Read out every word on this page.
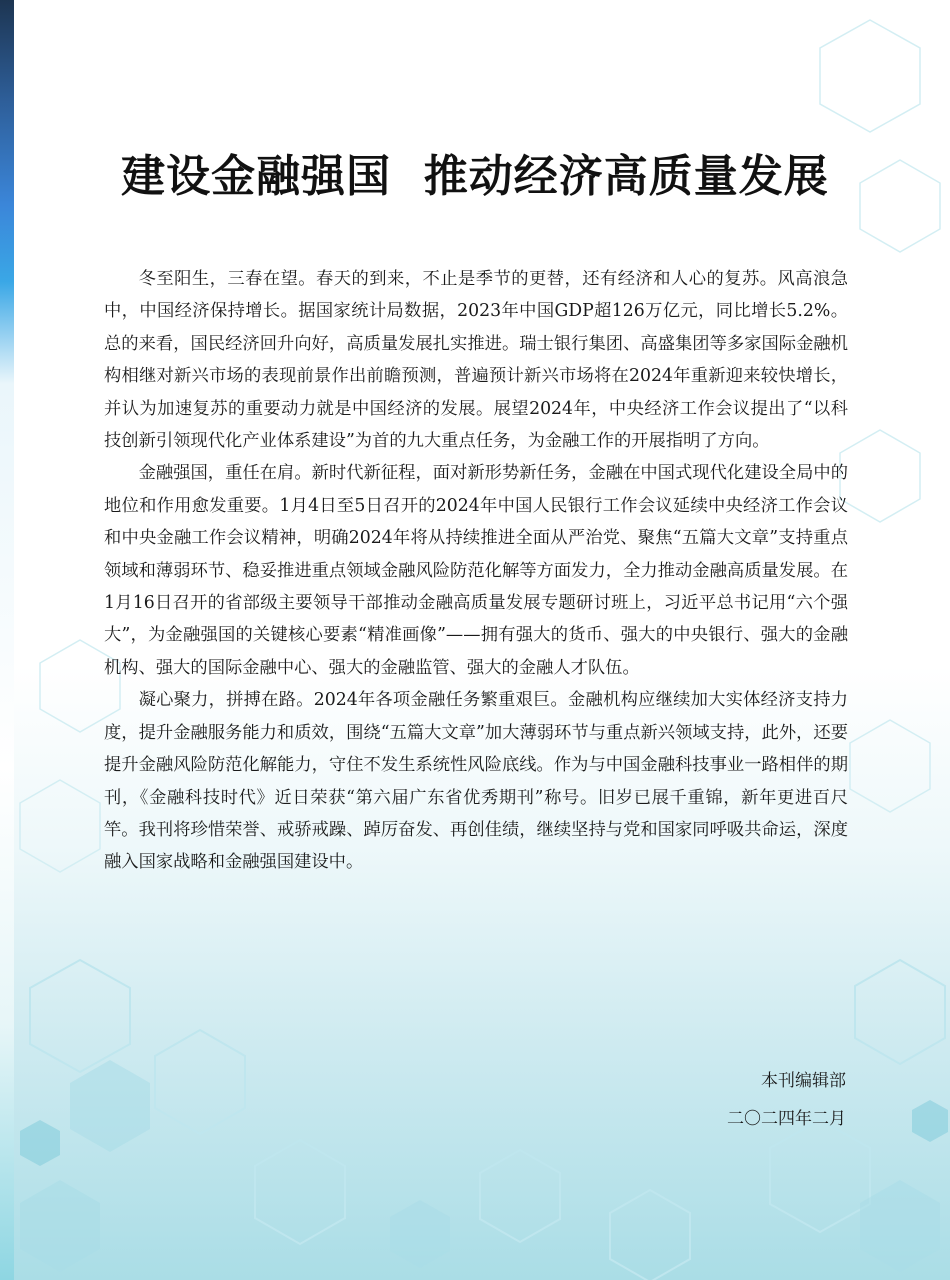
建设金融强国  推动经济高质量发展

冬至阳生，三春在望。春天的到来，不止是季节的更替，还有经济和人心的复苏。风高浪急中，中国经济保持增长。据国家统计局数据，2023年中国GDP超126万亿元，同比增长5.2%。总的来看，国民经济回升向好，高质量发展扎实推进。瑞士银行集团、高盛集团等多家国际金融机构相继对新兴市场的表现前景作出前瞻预测，普遍预计新兴市场将在2024年重新迎来较快增长，并认为加速复苏的重要动力就是中国经济的发展。展望2024年，中央经济工作会议提出了“以科技创新引领现代化产业体系建设”为首的九大重点任务，为金融工作的开展指明了方向。

金融强国，重任在肩。新时代新征程，面对新形势新任务，金融在中国式现代化建设全局中的地位和作用愈发重要。1月4日至5日召开的2024年中国人民银行工作会议延续中央经济工作会议和中央金融工作会议精神，明确2024年将从持续推进全面从严治党、聚焦“五篇大文章”支持重点领域和薄弱环节、稳妥推进重点领域金融风险防范化解等方面发力，全力推动金融高质量发展。在1月16日召开的省部级主要领导干部推动金融高质量发展专题研讨班上，习近平总书记用“六个强大”，为金融强国的关键核心要素“精准画像”——拥有强大的货币、强大的中央银行、强大的金融机构、强大的国际金融中心、强大的金融监管、强大的金融人才队伍。

凝心聚力，拼搏在路。2024年各项金融任务繁重艰巨。金融机构应继续加大实体经济支持力度，提升金融服务能力和质效，围绕“五篇大文章”加大薄弱环节与重点新兴领域支持，此外，还要提升金融风险防范化解能力，守住不发生系统性风险底线。作为与中国金融科技事业一路相伴的期刊，《金融科技时代》近日荣获“第六届广东省优秀期刊”称号。旧岁已展千重锦，新年更进百尺竿。我刊将珍惜荣誉、戒骄戒躁、踔厉奋发、再创佳绩，继续坚持与党和国家同呼吸共命运，深度融入国家战略和金融强国建设中。

本刊编辑部
二〇二四年二月
